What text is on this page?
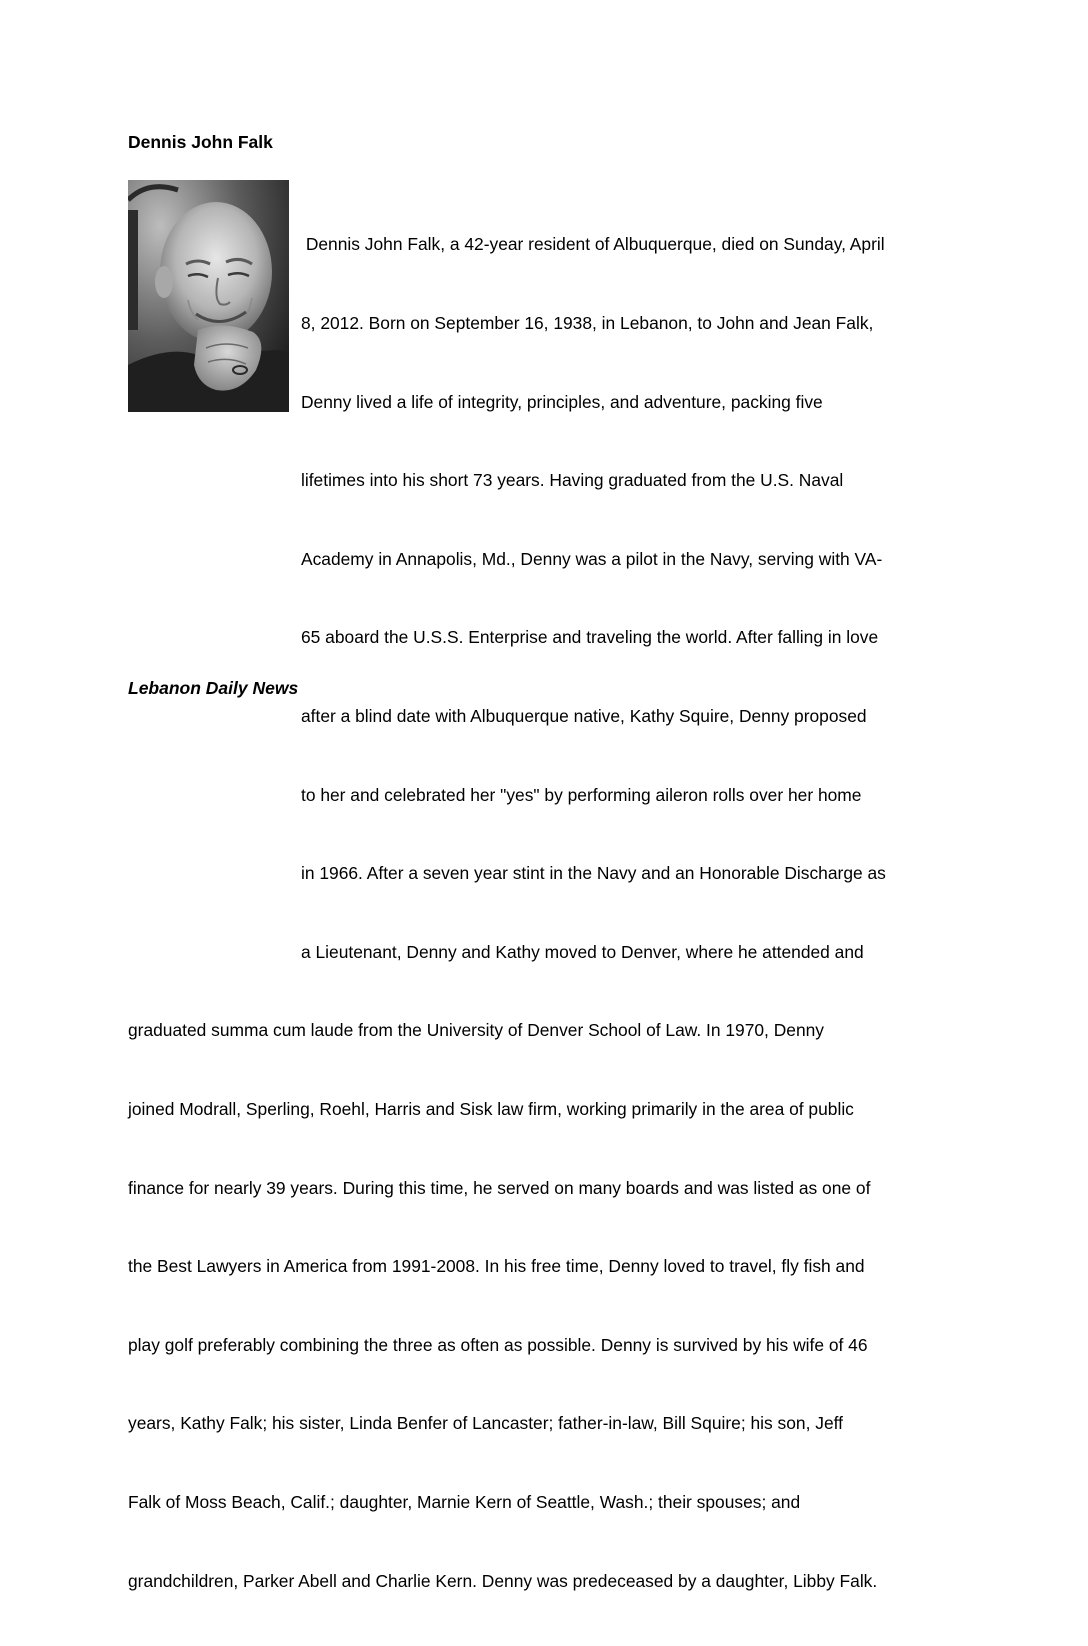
Dennis John Falk

Dennis John Falk, a 42-year resident of Albuquerque, died on Sunday, April

8, 2012. Born on September 16, 1938, in Lebanon, to John and Jean Falk,

Denny lived a life of integrity, principles, and adventure, packing five

lifetimes into his short 73 years. Having graduated from the U.S. Naval

Academy in Annapolis, Md., Denny was a pilot in the Navy, serving with VA-

65 aboard the U.S.S. Enterprise and traveling the world. After falling in love

after a blind date with Albuquerque native, Kathy Squire, Denny proposed

to her and celebrated her "yes" by performing aileron rolls over her home

in 1966. After a seven year stint in the Navy and an Honorable Discharge as

a Lieutenant, Denny and Kathy moved to Denver, where he attended and

graduated summa cum laude from the University of Denver School of Law. In 1970, Denny

joined Modrall, Sperling, Roehl, Harris and Sisk law firm, working primarily in the area of public

finance for nearly 39 years. During this time, he served on many boards and was listed as one of

the Best Lawyers in America from 1991-2008. In his free time, Denny loved to travel, fly fish and

play golf preferably combining the three as often as possible. Denny is survived by his wife of 46

years, Kathy Falk; his sister, Linda Benfer of Lancaster; father-in-law, Bill Squire; his son, Jeff

Falk of Moss Beach, Calif.; daughter, Marnie Kern of Seattle, Wash.; their spouses; and

grandchildren, Parker Abell and Charlie Kern. Denny was predeceased by a daughter, Libby Falk.

Lebanon Daily News
